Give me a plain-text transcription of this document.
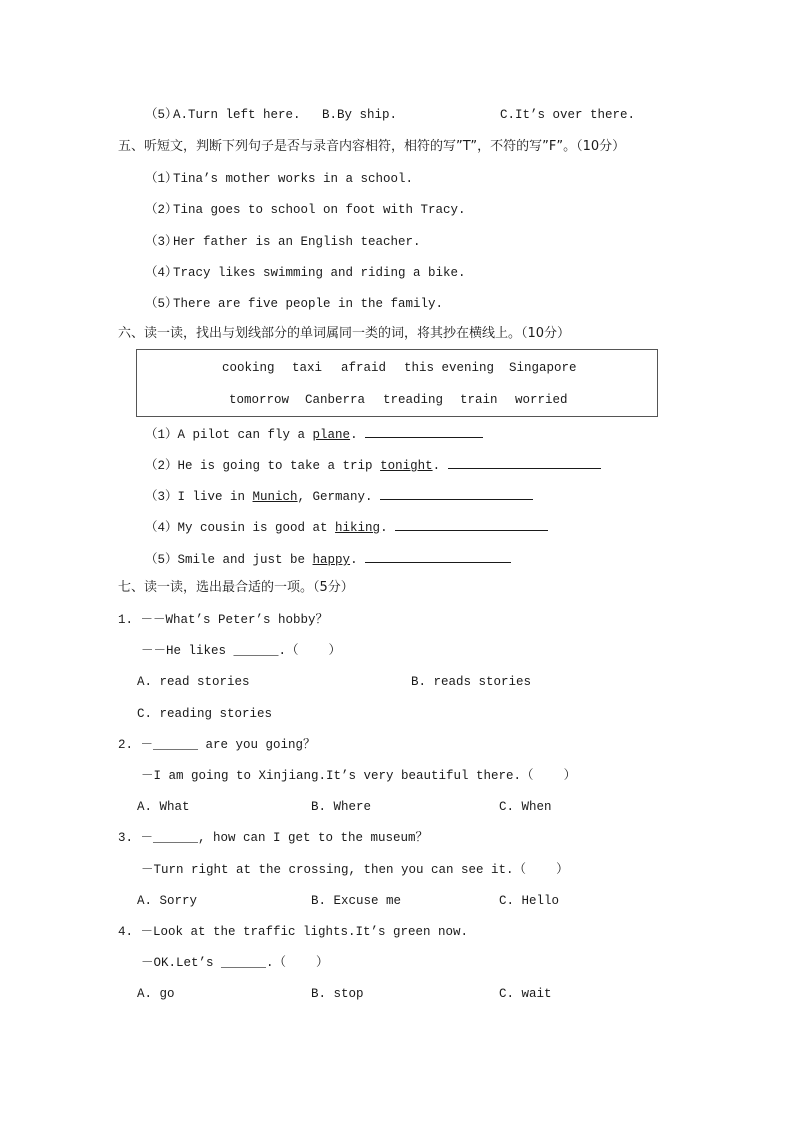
（5）
A.Turn left here. B.By ship.	C.It’s over there.
五、听短文，判断下列句子是否与录音内容相符，相符的写”T”，不符的写”F”。（10分）
（1）
Tina’s mother works in a school.
（2）
Tina goes to school on foot with Tracy.
（3）
Her father is an English teacher.
（4）
Tracy likes swimming and riding a bike.
（5）
There are five people in the family.
六、读一读，找出与划线部分的单词属同一类的词，将其抄在横线上。（10分）
cooking taxi afraid this evening Singapore
tomorrow Canberra treading train worried
（1）A pilot can fly a plane.
（2）He is going to take a trip tonight.
（3）I live in Munich, Germany.
（4）My cousin is good at hiking.
（5）Smile and just be happy.
七、读一读，选出最合适的一项。（5分）
1. －－What’s Peter’s hobby？
－－He likes ______.（    ）
A. read stories	B. reads stories
C. reading stories
2. －______ are you going？
－I am going to Xinjiang.It’s very beautiful there.（    ）
A. What	B. Where	C. When
3. －______, how can I get to the museum？
－Turn right at the crossing, then you can see it.（    ）
A. Sorry	B. Excuse me	C. Hello
4. －Look at the traffic lights.It’s green now.
－OK.Let’s ______.（    ）
A. go	B. stop	C. wait
